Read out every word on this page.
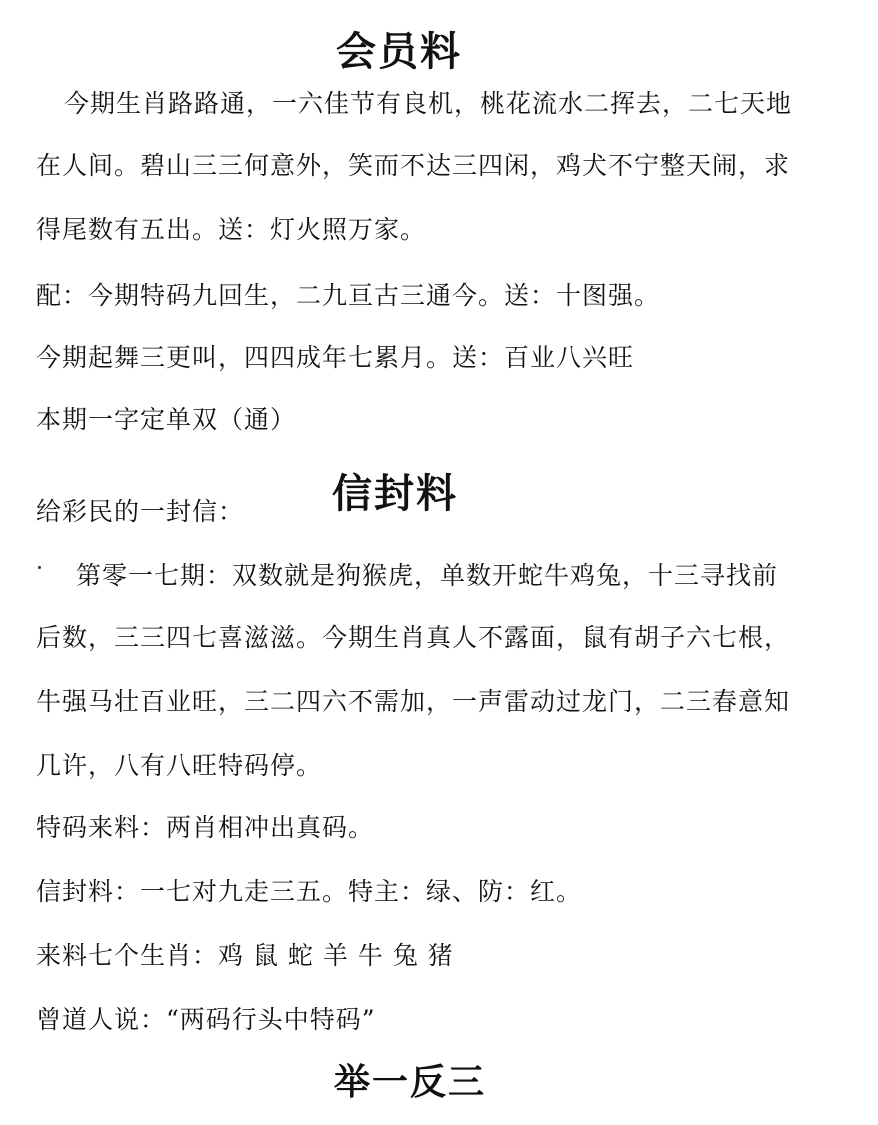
会员料
今期生肖路路通，一六佳节有良机，桃花流水二挥去，二七天地
在人间。碧山三三何意外，笑而不达三四闲，鸡犬不宁整天闹，求
得尾数有五出。送：灯火照万家。
配：今期特码九回生，二九亘古三通今。送：十图强。
今期起舞三更叫，四四成年七累月。送：百业八兴旺
本期一字定单双（通）
给彩民的一封信： 信封料
第零一七期：双数就是狗猴虎，单数开蛇牛鸡兔，十三寻找前
后数，三三四七喜滋滋。今期生肖真人不露面，鼠有胡子六七根，
牛强马壮百业旺，三二四六不需加，一声雷动过龙门，二三春意知
几许，八有八旺特码停。
特码来料：两肖相冲出真码。
信封料：一七对九走三五。特主：绿、防：红。
来料七个生肖：鸡 鼠 蛇 羊 牛 兔 猪
曾道人说：“两码行头中特码”
举一反三
